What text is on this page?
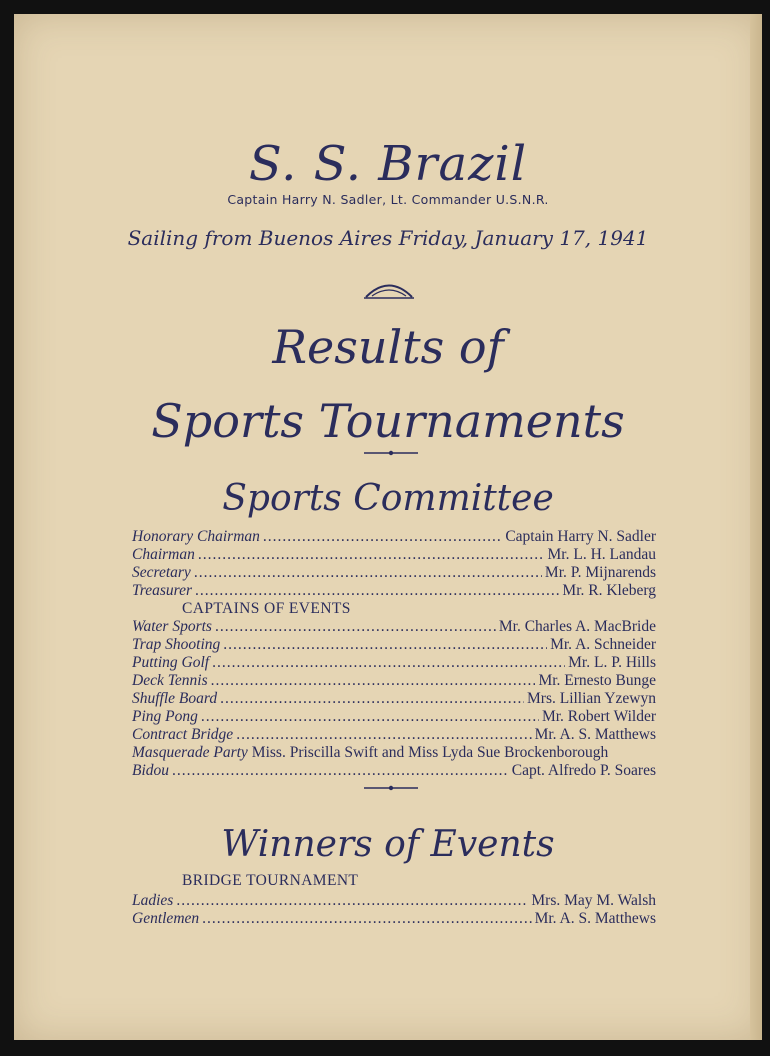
S. S. Brazil
Captain Harry N. Sadler, Lt. Commander U.S.N.R.
Sailing from Buenos Aires Friday, January 17, 1941
Results of
Sports Tournaments
Sports Committee
Honorary Chairman .....	Captain Harry N. Sadler
Chairman .....	Mr. L. H. Landau
Secretary .....	Mr. P. Mijnarends
Treasurer .....	Mr. R. Kleberg
CAPTAINS OF EVENTS
Water Sports .....	Mr. Charles A. MacBride
Trap Shooting .....	Mr. A. Schneider
Putting Golf .....	Mr. L. P. Hills
Deck Tennis .....	Mr. Ernesto Bunge
Shuffle Board .....	Mrs. Lillian Yzewyn
Ping Pong .....	Mr. Robert Wilder
Contract Bridge .....	Mr. A. S. Matthews
Masquerade Party Miss. Priscilla Swift and Miss Lyda Sue Brockenborough
Bidou .....	Capt. Alfredo P. Soares
Winners of Events
BRIDGE TOURNAMENT
Ladies .....	Mrs. May M. Walsh
Gentlemen .....	Mr. A. S. Matthews
